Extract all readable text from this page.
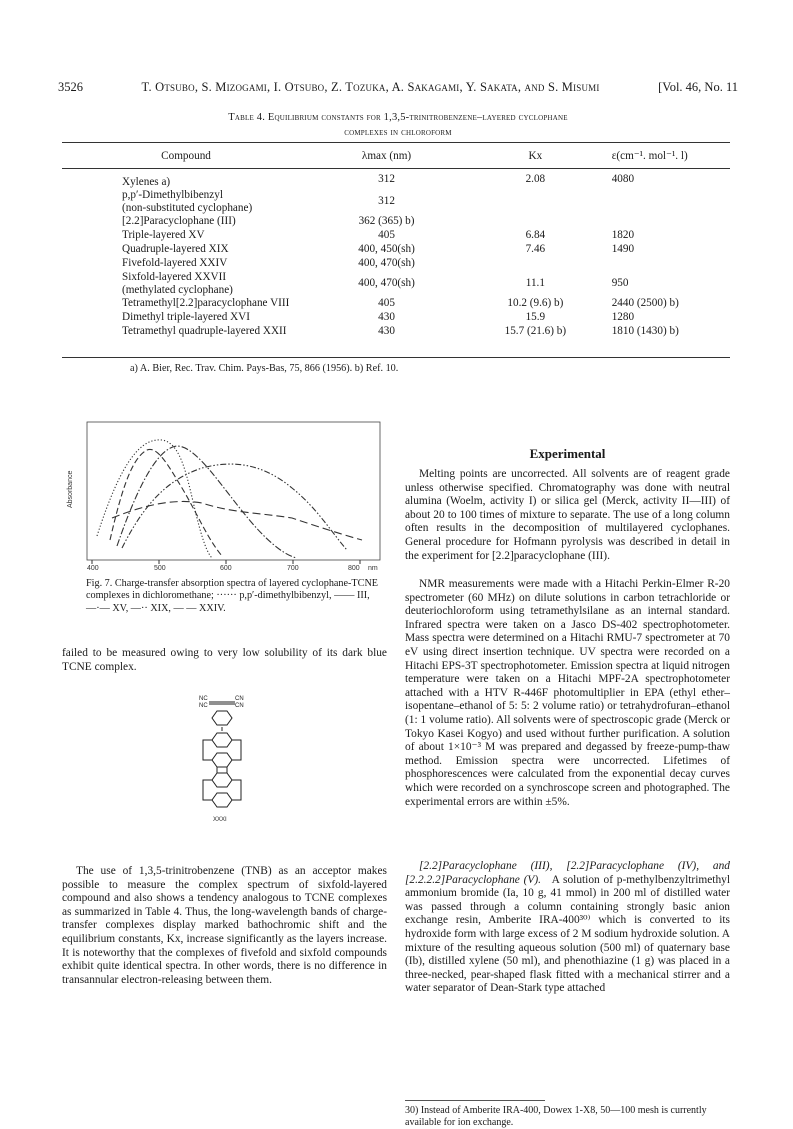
3526	T. Otsubo, S. Mizogami, I. Otsubo, Z. Tozuka, A. Sakagami, Y. Sakata, and S. Misumi	[Vol. 46, No. 11
Table 4. Equilibrium constants for 1,3,5-trinitrobenzene–layered cyclophane
complexes in chloroform
Compound	λmax (nm)	Kx	ε(cm⁻¹. mol⁻¹. l)
Xylenes a)	312	2.08	4080

p,p′-Dimethylbibenzyl
(non-substituted cyclophane)	312		
[2.2]Paracyclophane (III)	362 (365) b)		
Triple-layered XV	405	6.84	1820
Quadruple-layered XIX	400, 450(sh)	7.46	1490
Fivefold-layered XXIV	400, 470(sh)		

Sixfold-layered XXVII
(methylated cyclophane)	400, 470(sh)	11.1	950
Tetramethyl[2.2]paracyclophane VIII	405	10.2 (9.6) b)	2440 (2500) b)
Dimethyl triple-layered XVI	430	15.9	1280
Tetramethyl quadruple-layered XXII	430	15.7 (21.6) b)	1810 (1430) b)
a) A. Bier, Rec. Trav. Chim. Pays-Bas, 75, 866 (1956). b) Ref. 10.
Absorbance
400	500	600	700	800 nm
Fig. 7. Charge-transfer absorption spectra of layered cyclophane-TCNE complexes in dichloromethane; ······ p,p′-dimethylbibenzyl, —— III, —·— XV, —·· XIX, — — XXIV.
failed to be measured owing to very low solubility of its dark blue TCNE complex.
NC
NC
CN
CN
XXXI
The use of 1,3,5-trinitrobenzene (TNB) as an acceptor makes possible to measure the complex spectrum of sixfold-layered compound and also shows a tendency analogous to TCNE complexes as summarized in Table 4. Thus, the long-wavelength bands of charge-transfer complexes display marked bathochromic shift and the equilibrium constants, Kx, increase significantly as the layers increase. It is noteworthy that the complexes of fivefold and sixfold compounds exhibit quite identical spectra. In other words, there is no difference in transannular electron-releasing between them.
Experimental
Melting points are uncorrected. All solvents are of reagent grade unless otherwise specified. Chromatography was done with neutral alumina (Woelm, activity I) or silica gel (Merck, activity II—III) of about 20 to 100 times of mixture to separate. The use of a long column often results in the decomposition of multilayered cyclophanes. General procedure for Hofmann pyrolysis was described in detail in the experiment for [2.2]paracyclophane (III).
NMR measurements were made with a Hitachi Perkin-Elmer R-20 spectrometer (60 MHz) on dilute solutions in carbon tetrachloride or deuteriochloroform using tetramethylsilane as an internal standard. Infrared spectra were taken on a Jasco DS-402 spectrophotometer. Mass spectra were determined on a Hitachi RMU-7 spectrometer at 70 eV using direct insertion technique. UV spectra were recorded on a Hitachi EPS-3T spectrophotometer. Emission spectra at liquid nitrogen temperature were taken on a Hitachi MPF-2A spectrophotometer attached with a HTV R-446F photomultiplier in EPA (ethyl ether–isopentane–ethanol of 5: 5: 2 volume ratio) or tetrahydrofuran–ethanol (1: 1 volume ratio). All solvents were of spectroscopic grade (Merck or Tokyo Kasei Kogyo) and used without further purification. A solution of about 1×10⁻³ M was prepared and degassed by freeze-pump-thaw method. Emission spectra were uncorrected. Lifetimes of phosphorescences were calculated from the exponential decay curves which were recorded on a synchroscope screen and photographed. The experimental errors are within ±5%.
[2.2]Paracyclophane (III), [2.2]Paracyclophane (IV), and [2.2.2.2]Paracyclophane (V). A solution of p-methylbenzyltrimethyl ammonium bromide (Ia, 10 g, 41 mmol) in 200 ml of distilled water was passed through a column containing strongly basic anion exchange resin, Amberite IRA-400³⁰⁾ which is converted to its hydroxide form with large excess of 2 M sodium hydroxide solution. A mixture of the resulting aqueous solution (500 ml) of quaternary base (Ib), distilled xylene (50 ml), and phenothiazine (1 g) was placed in a three-necked, pear-shaped flask fitted with a mechanical stirrer and a water separator of Dean-Stark type attached
30) Instead of Amberite IRA-400, Dowex 1-X8, 50—100 mesh is currently available for ion exchange.
